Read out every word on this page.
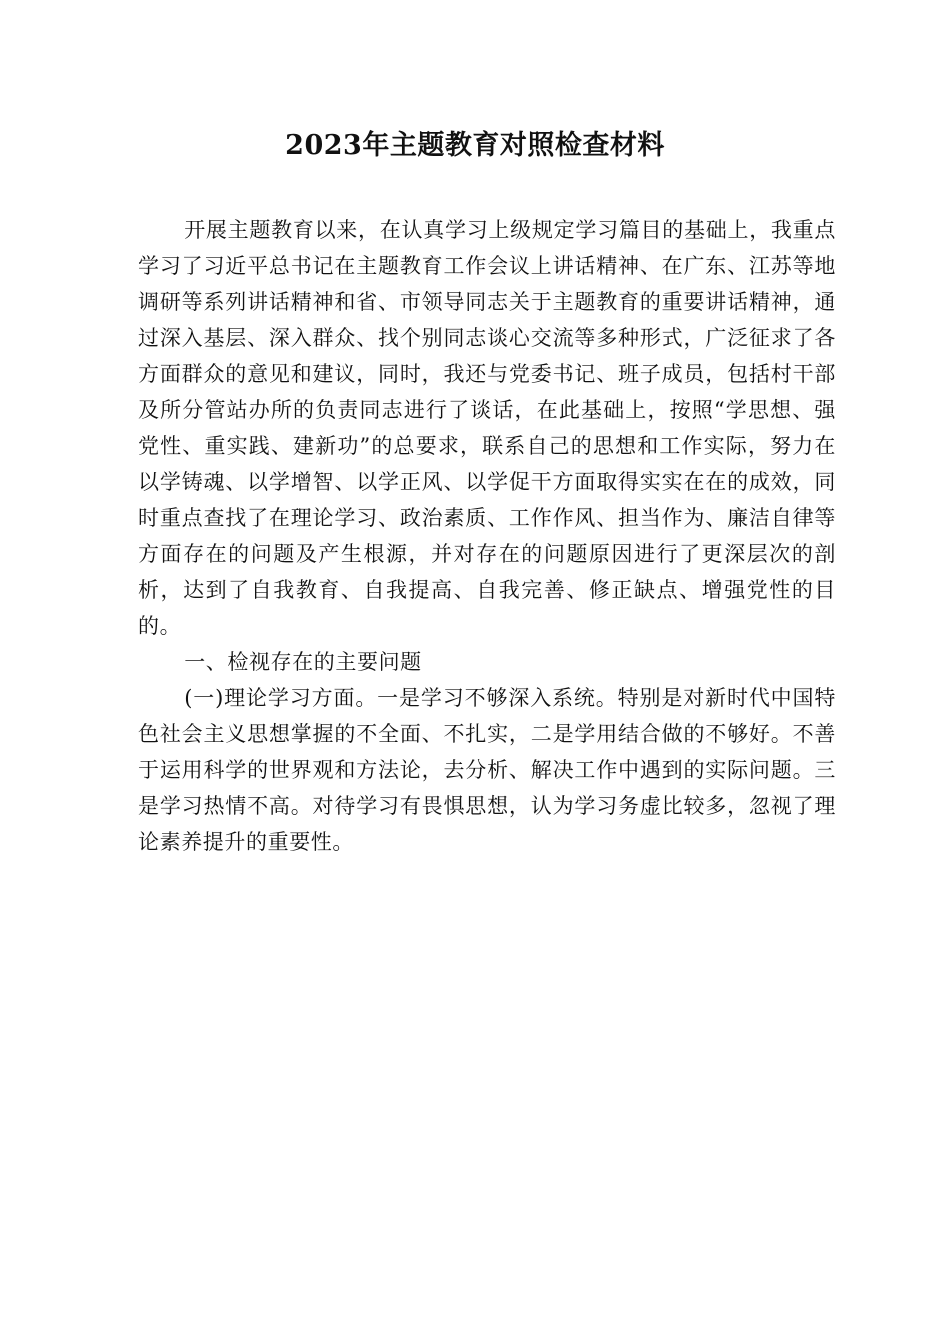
2023年主题教育对照检查材料

开展主题教育以来，在认真学习上级规定学习篇目的基础上，我重点学习了习近平总书记在主题教育工作会议上讲话精神、在广东、江苏等地调研等系列讲话精神和省、市领导同志关于主题教育的重要讲话精神，通过深入基层、深入群众、找个别同志谈心交流等多种形式，广泛征求了各方面群众的意见和建议，同时，我还与党委书记、班子成员，包括村干部及所分管站办所的负责同志进行了谈话，在此基础上，按照“学思想、强党性、重实践、建新功”的总要求，联系自己的思想和工作实际，努力在以学铸魂、以学增智、以学正风、以学促干方面取得实实在在的成效，同时重点查找了在理论学习、政治素质、工作作风、担当作为、廉洁自律等方面存在的问题及产生根源，并对存在的问题原因进行了更深层次的剖析，达到了自我教育、自我提高、自我完善、修正缺点、增强党性的目的。

一、检视存在的主要问题

(一)理论学习方面。一是学习不够深入系统。特别是对新时代中国特色社会主义思想掌握的不全面、不扎实，二是学用结合做的不够好。不善于运用科学的世界观和方法论，去分析、解决工作中遇到的实际问题。三是学习热情不高。对待学习有畏惧思想，认为学习务虚比较多，忽视了理论素养提升的重要性。
